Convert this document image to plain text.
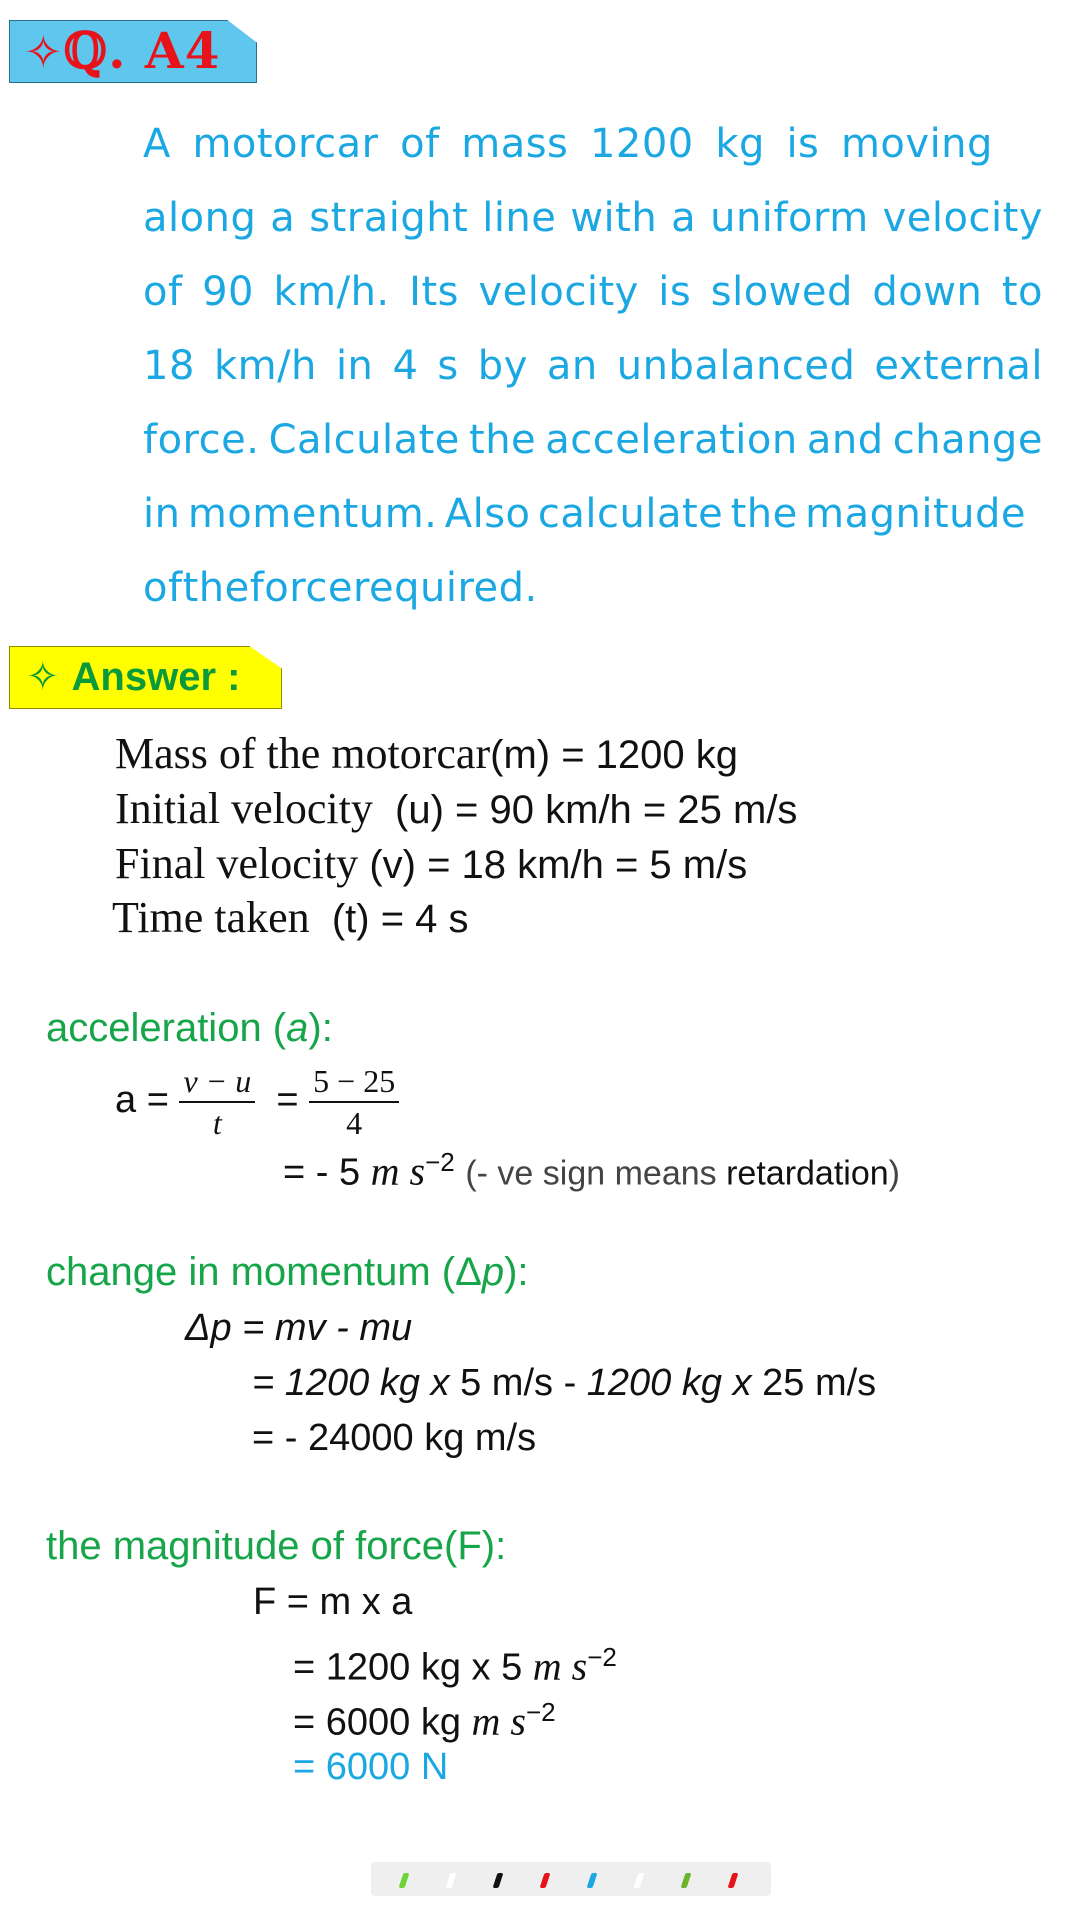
✧ℚ. A4
A motorcar of mass 1200 kg is moving
along a straight line with a uniform velocity
of 90 km/h. Its velocity is slowed down to
18 km/h in 4 s by an unbalanced external
force. Calculate the acceleration and change
in momentum. Also calculate the magnitude
of the force required.
✧ Answer :
Mass of the motorcar(m) = 1200 kg
Initial velocity (u) = 90 km/h = 25 m/s
Final velocity (v) = 18 km/h = 5 m/s
Time taken (t) = 4 s
acceleration (a):
$a = \frac{v - u}{t} = \frac{5 - 25}{4}$
= - 5 m $s^{-2}$ (- ve sign means retardation)
change in momentum (Δp):
Δp = mv - mu
= 1200 kg x 5 m/s - 1200 kg x 25 m/s
= - 24000 kg m/s
the magnitude of force(F):
F = m x a
= 1200 kg x 5 m $s^{-2}$
= 6000 kg m $s^{-2}$
= 6000 N
